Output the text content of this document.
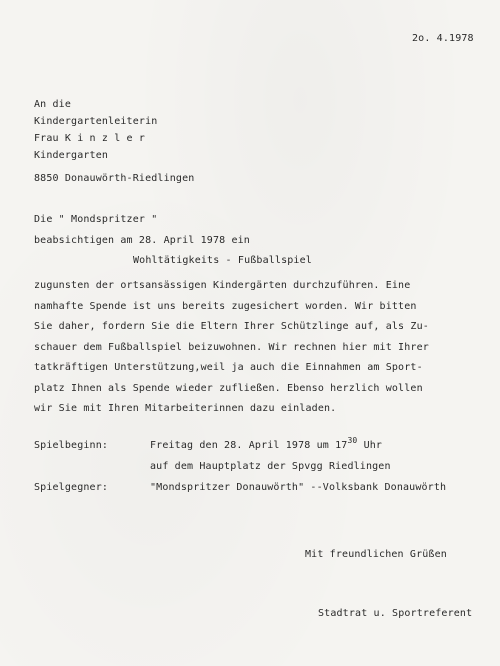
2o. 4.1978
An die
Kindergartenleiterin
Frau K i n z l e r
Kindergarten
8850 Donauwörth-Riedlingen
Die " Mondspritzer "
beabsichtigen am 28. April 1978 ein
Wohltätigkeits - Fußballspiel
zugunsten der ortsansässigen Kindergärten durchzuführen. Eine
namhafte Spende ist uns bereits zugesichert worden. Wir bitten
Sie daher, fordern Sie die Eltern Ihrer Schützlinge auf, als Zu-
schauer dem Fußballspiel beizuwohnen. Wir rechnen hier mit Ihrer
tatkräftigen Unterstützung,weil ja auch die Einnahmen am Sport-
platz Ihnen als Spende wieder zufließen. Ebenso herzlich wollen
wir Sie mit Ihren Mitarbeiterinnen dazu einladen.
Spielbeginn:	Freitag den 28. April 1978 um $17^{30}$ Uhr
auf dem Hauptplatz der Spvgg Riedlingen
Spielgegner:	"Mondspritzer Donauwörth" --Volksbank Donauwörth
Mit freundlichen Grüßen
Stadtrat u. Sportreferent
